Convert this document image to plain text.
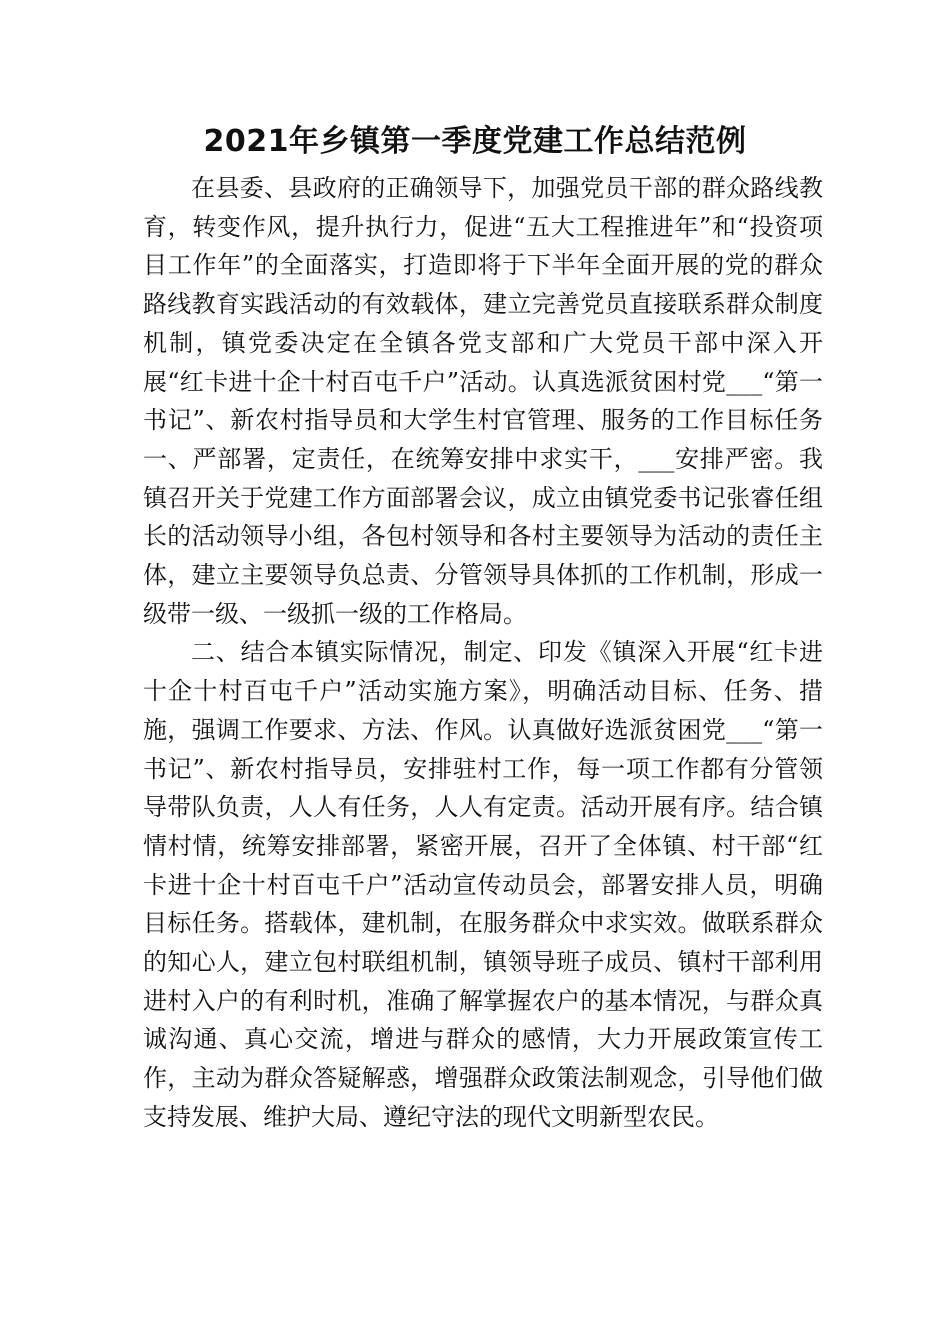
2021年乡镇第一季度党建工作总结范例

在县委、县政府的正确领导下，加强党员干部的群众路线教育，转变作风，提升执行力，促进“五大工程推进年”和“投资项目工作年”的全面落实，打造即将于下半年全面开展的党的群众路线教育实践活动的有效载体，建立完善党员直接联系群众制度机制，镇党委决定在全镇各党支部和广大党员干部中深入开展“红卡进十企十村百屯千户”活动。认真选派贫困村党___“第一书记”、新农村指导员和大学生村官管理、服务的工作目标任务 一、严部署，定责任，在统筹安排中求实干，___安排严密。我镇召开关于党建工作方面部署会议，成立由镇党委书记张睿任组长的活动领导小组，各包村领导和各村主要领导为活动的责任主体，建立主要领导负总责、分管领导具体抓的工作机制，形成一级带一级、一级抓一级的工作格局。

二、结合本镇实际情况，制定、印发《镇深入开展“红卡进十企十村百屯千户”活动实施方案》，明确活动目标、任务、措施，强调工作要求、方法、作风。认真做好选派贫困党___“第一书记”、新农村指导员，安排驻村工作，每一项工作都有分管领导带队负责，人人有任务，人人有定责。活动开展有序。结合镇情村情，统筹安排部署，紧密开展，召开了全体镇、村干部“红卡进十企十村百屯千户”活动宣传动员会，部署安排人员，明确目标任务。搭载体，建机制，在服务群众中求实效。做联系群众的知心人，建立包村联组机制，镇领导班子成员、镇村干部利用进村入户的有利时机，准确了解掌握农户的基本情况，与群众真诚沟通、真心交流，增进与群众的感情，大力开展政策宣传工作，主动为群众答疑解惑，增强群众政策法制观念，引导他们做支持发展、维护大局、遵纪守法的现代文明新型农民。
